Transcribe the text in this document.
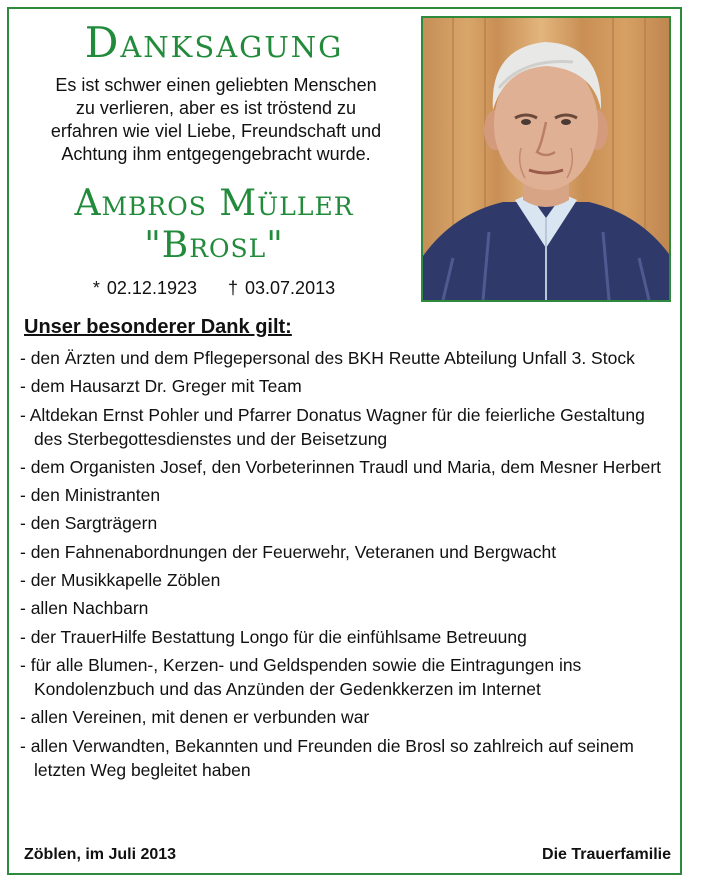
Danksagung
Es ist schwer einen geliebten Menschen
zu verlieren, aber es ist tröstend zu
erfahren wie viel Liebe, Freundschaft und
Achtung ihm entgegengebracht wurde.
Ambros Müller
"Brosl"
* 02.12.1923 † 03.07.2013
Unser besonderer Dank gilt:
- den Ärzten und dem Pflegepersonal des BKH Reutte Abteilung Unfall 3. Stock
- dem Hausarzt Dr. Greger mit Team
- Altdekan Ernst Pohler und Pfarrer Donatus Wagner für die feierliche Gestaltung des Sterbegottesdienstes und der Beisetzung
- dem Organisten Josef, den Vorbeterinnen Traudl und Maria, dem Mesner Herbert
- den Ministranten
- den Sargträgern
- den Fahnenabordnungen der Feuerwehr, Veteranen und Bergwacht
- der Musikkapelle Zöblen
- allen Nachbarn
- der TrauerHilfe Bestattung Longo für die einfühlsame Betreuung
- für alle Blumen-, Kerzen- und Geldspenden sowie die Eintragungen ins Kondolenzbuch und das Anzünden der Gedenkkerzen im Internet
- allen Vereinen, mit denen er verbunden war
- allen Verwandten, Bekannten und Freunden die Brosl so zahlreich auf seinem letzten Weg begleitet haben
Zöblen, im Juli 2013	Die Trauerfamilie
